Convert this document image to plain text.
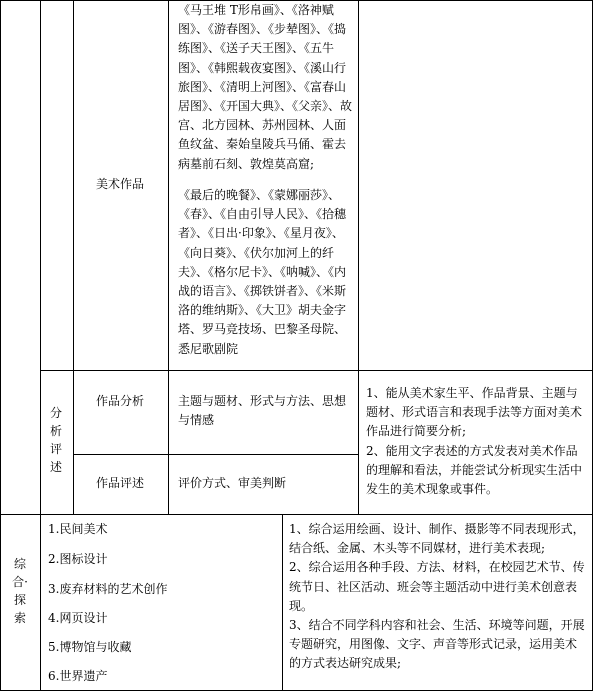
美术作品
《马王堆 T形帛画》、《洛神赋图》、《游春图》、《步辇图》、《捣练图》、《送子天王图》、《五牛图》、《韩熙载夜宴图》、《溪山行旅图》、《清明上河图》、《富春山居图》、《开国大典》、《父亲》、故宫、北方园林、苏州园林、人面鱼纹盆、秦始皇陵兵马俑、霍去病墓前石刻、敦煌莫高窟;
《最后的晚餐》、《蒙娜丽莎》、《春》、《自由引导人民》、《拾穗者》、《日出·印象》、《星月夜》、《向日葵》、《伏尔加河上的纤夫》、《格尔尼卡》、《呐喊》、《内战的语言》、《掷铁饼者》、《米斯洛的维纳斯》、《大卫》胡夫金字塔、罗马竞技场、巴黎圣母院、悉尼歌剧院
分析评述
作品分析	主题与题材、形式与方法、思想与情感
作品评述	评价方式、审美判断
1、能从美术家生平、作品背景、主题与题材、形式语言和表现手法等方面对美术作品进行简要分析;
2、能用文字表述的方式发表对美术作品的理解和看法，并能尝试分析现实生活中发生的美术现象或事件。
综合·探索
1.民间美术
2.图标设计
3.废弃材料的艺术创作
4.网页设计
5.博物馆与收藏
6.世界遗产
1、综合运用绘画、设计、制作、摄影等不同表现形式，结合纸、金属、木头等不同媒材，进行美术表现;
2、综合运用各种手段、方法、材料，在校园艺术节、传统节日、社区活动、班会等主题活动中进行美术创意表现。
3、结合不同学科内容和社会、生活、环境等问题，开展专题研究，用图像、文字、声音等形式记录，运用美术的方式表达研究成果;
